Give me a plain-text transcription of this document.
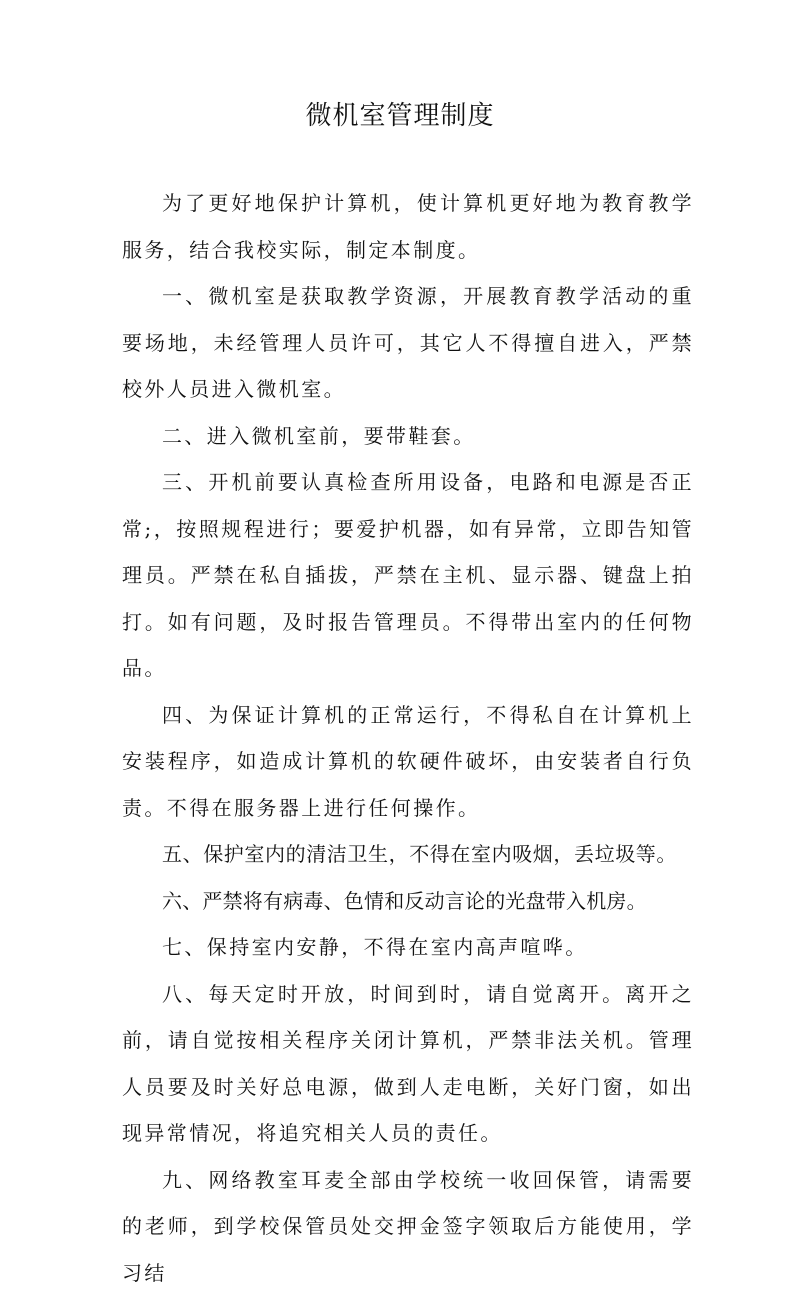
微机室管理制度

为了更好地保护计算机，使计算机更好地为教育教学服务，结合我校实际，制定本制度。

一、微机室是获取教学资源，开展教育教学活动的重要场地，未经管理人员许可，其它人不得擅自进入，严禁校外人员进入微机室。

二、进入微机室前，要带鞋套。

三、开机前要认真检查所用设备，电路和电源是否正常;，按照规程进行；要爱护机器，如有异常，立即告知管理员。严禁在私自插拔，严禁在主机、显示器、键盘上拍打。如有问题，及时报告管理员。不得带出室内的任何物品。

四、为保证计算机的正常运行，不得私自在计算机上安装程序，如造成计算机的软硬件破坏，由安装者自行负责。不得在服务器上进行任何操作。

五、保护室内的清洁卫生，不得在室内吸烟，丢垃圾等。

六、严禁将有病毒、色情和反动言论的光盘带入机房。

七、保持室内安静，不得在室内高声喧哗。

八、每天定时开放，时间到时，请自觉离开。离开之前，请自觉按相关程序关闭计算机，严禁非法关机。管理人员要及时关好总电源，做到人走电断，关好门窗，如出现异常情况，将追究相关人员的责任。

九、网络教室耳麦全部由学校统一收回保管，请需要的老师，到学校保管员处交押金签字领取后方能使用，学习结
